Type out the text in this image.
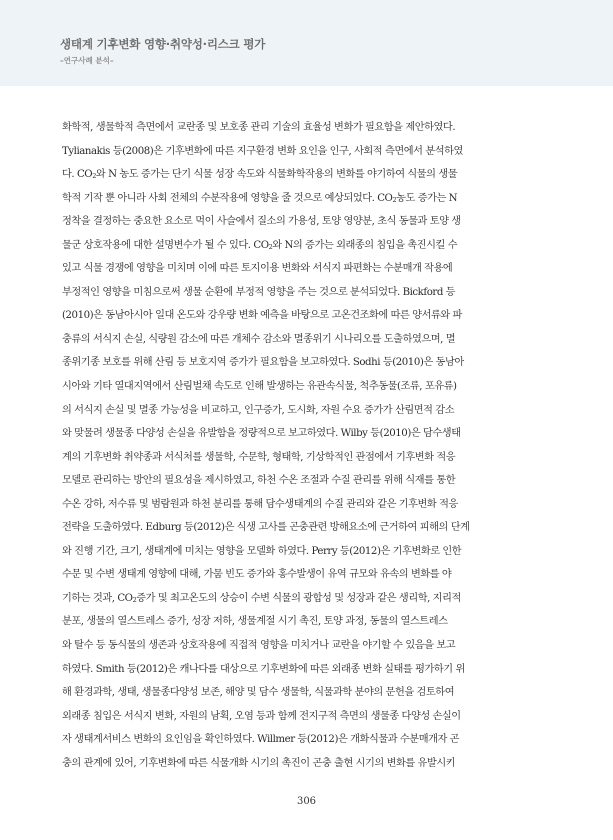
생태계 기후변화 영향·취약성·리스크 평가
–연구사례 분석–
화학적, 생물학적 측면에서 교란종 및 보호종 관리 기술의 효율성 변화가 필요함을 제안하였다.
Tylianakis 등(2008)은 기후변화에 따른 지구환경 변화 요인을 인구, 사회적 측면에서 분석하였
다. $CO_2$와 N 농도 증가는 단기 식물 성장 속도와 식물화학작용의 변화를 야기하여 식물의 생물
학적 기작 뿐 아니라 사회 전체의 수분작용에 영향을 줄 것으로 예상되었다. $CO_2$농도 증가는 N
정착을 결정하는 중요한 요소로 먹이 사슬에서 질소의 가용성, 토양 영양분, 초식 동물과 토양 생
물군 상호작용에 대한 설명변수가 될 수 있다. $CO_2$와 N의 증가는 외래종의 침입을 촉진시킬 수
있고 식물 경쟁에 영향을 미치며 이에 따른 토지이용 변화와 서식지 파편화는 수분매개 작용에
부정적인 영향을 미침으로써 생물 순환에 부정적 영향을 주는 것으로 분석되었다. Bickford 등
(2010)은 동남아시아 일대 온도와 강우량 변화 예측을 바탕으로 고온건조화에 따른 양서류와 파
충류의 서식지 손실, 식량원 감소에 따른 개체수 감소와 멸종위기 시나리오를 도출하였으며, 멸
종위기종 보호를 위해 산림 등 보호지역 증가가 필요함을 보고하였다. Sodhi 등(2010)은 동남아
시아와 기타 열대지역에서 산림벌채 속도로 인해 발생하는 유관속식물, 척추동물(조류, 포유류)
의 서식지 손실 및 멸종 가능성을 비교하고, 인구증가, 도시화, 자원 수요 증가가 산림면적 감소
와 맞물려 생물종 다양성 손실을 유발함을 정량적으로 보고하였다. Wilby 등(2010)은 담수생태
계의 기후변화 취약종과 서식처를 생물학, 수문학, 형태학, 기상학적인 관점에서 기후변화 적응
모델로 관리하는 방안의 필요성을 제시하였고, 하천 수온 조절과 수질 관리를 위해 식재를 통한
수온 강하, 저수류 및 범람원과 하천 분리를 통해 담수생태계의 수질 관리와 같은 기후변화 적응
전략을 도출하였다. Edburg 등(2012)은 식생 고사를 곤충관련 방해요소에 근거하여 피해의 단계
와 진행 기간, 크기, 생태계에 미치는 영향을 모델화 하였다. Perry 등(2012)은 기후변화로 인한
수문 및 수변 생태계 영향에 대해, 가뭄 빈도 증가와 홍수발생이 유역 규모와 유속의 변화를 야
기하는 것과, $CO_2$증가 및 최고온도의 상승이 수변 식물의 광합성 및 성장과 같은 생리학, 지리적
분포, 생물의 열스트레스 증가, 성장 저하, 생물계절 시기 촉진, 토양 과정, 동물의 열스트레스
와 탈수 등 동식물의 생존과 상호작용에 직접적 영향을 미치거나 교란을 야기할 수 있음을 보고
하였다. Smith 등(2012)은 캐나다를 대상으로 기후변화에 따른 외래종 변화 실태를 평가하기 위
해 환경과학, 생태, 생물종다양성 보존, 해양 및 담수 생물학, 식물과학 분야의 문헌을 검토하여
외래종 침입은 서식지 변화, 자원의 남획, 오염 등과 함께 전지구적 측면의 생물종 다양성 손실이
자 생태계서비스 변화의 요인임을 확인하였다. Willmer 등(2012)은 개화식물과 수분매개자 곤
충의 관계에 있어, 기후변화에 따른 식물개화 시기의 촉진이 곤충 출현 시기의 변화를 유발시키
306
